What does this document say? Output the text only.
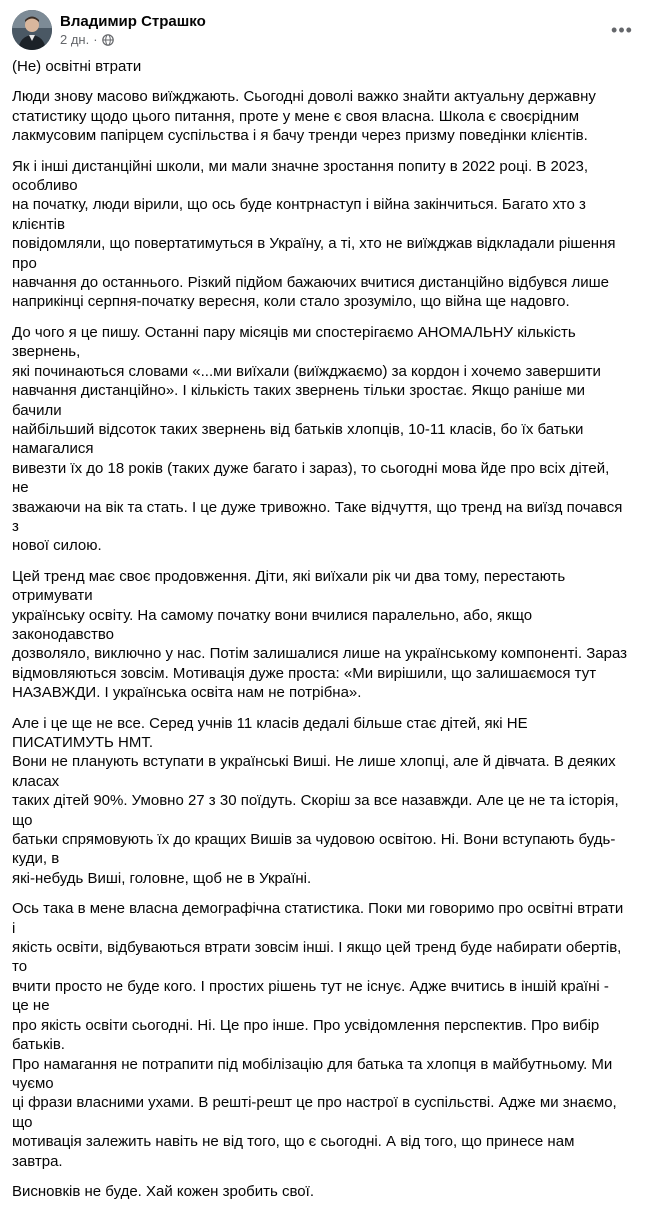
Владимир Страшко
2 дн. ·	•••

(Не) освітні втрати

Люди знову масово виїжджають. Сьогодні доволі важко знайти актуальну державну
статистику щодо цього питання, проте у мене є своя власна. Школа є своєрідним
лакмусовим папірцем суспільства і я бачу тренди через призму поведінки клієнтів.

Як і інші дистанційні школи, ми мали значне зростання попиту в 2022 році. В 2023, особливо
на початку, люди вірили, що ось буде контрнаступ і війна закінчиться. Багато хто з клієнтів
повідомляли, що повертатимуться в Україну, а ті, хто не виїжджав відкладали рішення про
навчання до останнього. Різкий підйом бажаючих вчитися дистанційно відбувся лише
наприкінці серпня-початку вересня, коли стало зрозуміло, що війна ще надовго.

До чого я це пишу. Останні пару місяців ми спостерігаємо АНОМАЛЬНУ кількість звернень,
які починаються словами «...ми виїхали (виїжджаємо) за кордон і хочемо завершити
навчання дистанційно». І кількість таких звернень тільки зростає. Якщо раніше ми бачили
найбільший відсоток таких звернень від батьків хлопців, 10-11 класів, бо їх батьки намагалися
вивезти їх до 18 років (таких дуже багато і зараз), то сьогодні мова йде про всіх дітей, не
зважаючи на вік та стать. І це дуже тривожно. Таке відчуття, що тренд на виїзд почався з
нової силою.

Цей тренд має своє продовження. Діти, які виїхали рік чи два тому, перестають отримувати
українську освіту. На самому початку вони вчилися паралельно, або, якщо законодавство
дозволяло, виключно у нас. Потім залишалися лише на українському компоненті. Зараз
відмовляються зовсім. Мотивація дуже проста: «Ми вирішили, що залишаємося тут
НАЗАВЖДИ. І українська освіта нам не потрібна».

Але і це ще не все. Серед учнів 11 класів дедалі більше стає дітей, які НЕ ПИСАТИМУТЬ НМТ.
Вони не планують вступати в українські Виші. Не лише хлопці, але й дівчата. В деяких класах
таких дітей 90%. Умовно 27 з 30 поїдуть. Скоріш за все назавжди. Але це не та історія, що
батьки спрямовують їх до кращих Вишів за чудовою освітою. Ні. Вони вступають будь-куди, в
які-небудь Виші, головне, щоб не в Україні.

Ось така в мене власна демографічна статистика. Поки ми говоримо про освітні втрати і
якість освіти, відбуваються втрати зовсім інші. І якщо цей тренд буде набирати обертів, то
вчити просто не буде кого. І простих рішень тут не існує. Адже вчитись в іншій країні - це не
про якість освіти сьогодні. Ні. Це про інше. Про усвідомлення перспектив. Про вибір батьків.
Про намагання не потрапити під мобілізацію для батька та хлопця в майбутньому. Ми чуємо
ці фрази власними ухами. В решті-решт це про настрої в суспільстві. Адже ми знаємо, що
мотивація залежить навіть не від того, що є сьогодні. А від того, що принесе нам завтра.

Висновків не буде. Хай кожен зробить свої.
